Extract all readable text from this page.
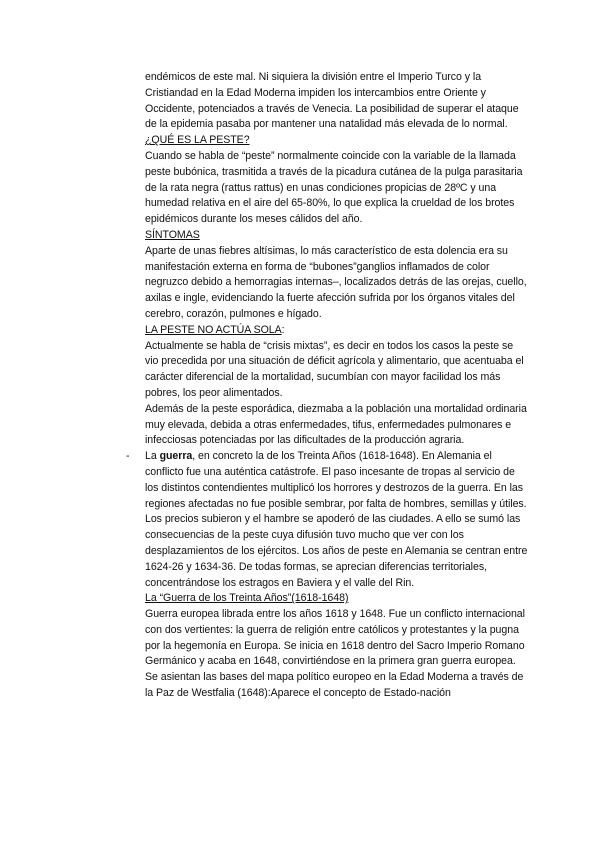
endémicos de este mal. Ni siquiera la división entre el Imperio Turco y la Cristiandad en la Edad Moderna impiden los intercambios entre Oriente y Occidente, potenciados a través de Venecia. La posibilidad de superar el ataque de la epidemia pasaba por mantener una natalidad más elevada de lo normal.

¿QUÉ ES LA PESTE?

Cuando se habla de “peste” normalmente coincide con la variable de la llamada peste bubónica, trasmitida a través de la picadura cutánea de la pulga parasitaria de la rata negra (rattus rattus) en unas condiciones propicias de 28ºC y una humedad relativa en el aire del 65-80%, lo que explica la crueldad de los brotes epidémicos durante los meses cálidos del año.

SÍNTOMAS

Aparte de unas fiebres altísimas, lo más característico de esta dolencia era su manifestación externa en forma de “bubones”ganglios inflamados de color negruzco debido a hemorragias internas–, localizados detrás de las orejas, cuello, axilas e ingle, evidenciando la fuerte afección sufrida por los órganos vitales del cerebro, corazón, pulmones e hígado.

LA PESTE NO ACTÚA SOLA:

Actualmente se habla de “crisis mixtas”, es decir en todos los casos la peste se vio precedida por una situación de déficit agrícola y alimentario, que acentuaba el carácter diferencial de la mortalidad, sucumbían con mayor facilidad los más pobres, los peor alimentados.

Además de la peste esporádica, diezmaba a la población una mortalidad ordinaria muy elevada, debida a otras enfermedades, tifus, enfermedades pulmonares e infecciosas potenciadas por las dificultades de la producción agraria.

- La guerra, en concreto la de los Treinta Años (1618-1648). En Alemania el conflicto fue una auténtica catástrofe. El paso incesante de tropas al servicio de los distintos contendientes multiplicó los horrores y destrozos de la guerra. En las regiones afectadas no fue posible sembrar, por falta de hombres, semillas y útiles. Los precios subieron y el hambre se apoderó de las ciudades. A ello se sumó las consecuencias de la peste cuya difusión tuvo mucho que ver con los desplazamientos de los ejércitos. Los años de peste en Alemania se centran entre 1624-26 y 1634-36. De todas formas, se aprecian diferencias territoriales, concentrándose los estragos en Baviera y el valle del Rin.

La “Guerra de los Treinta Años”(1618-1648)

Guerra europea librada entre los años 1618 y 1648. Fue un conflicto internacional con dos vertientes: la guerra de religión entre católicos y protestantes y la pugna por la hegemonía en Europa. Se inicia en 1618 dentro del Sacro Imperio Romano Germánico y acaba en 1648, convirtiéndose en la primera gran guerra europea. Se asientan las bases del mapa político europeo en la Edad Moderna a través de la Paz de Westfalia (1648):Aparece el concepto de Estado-nación
